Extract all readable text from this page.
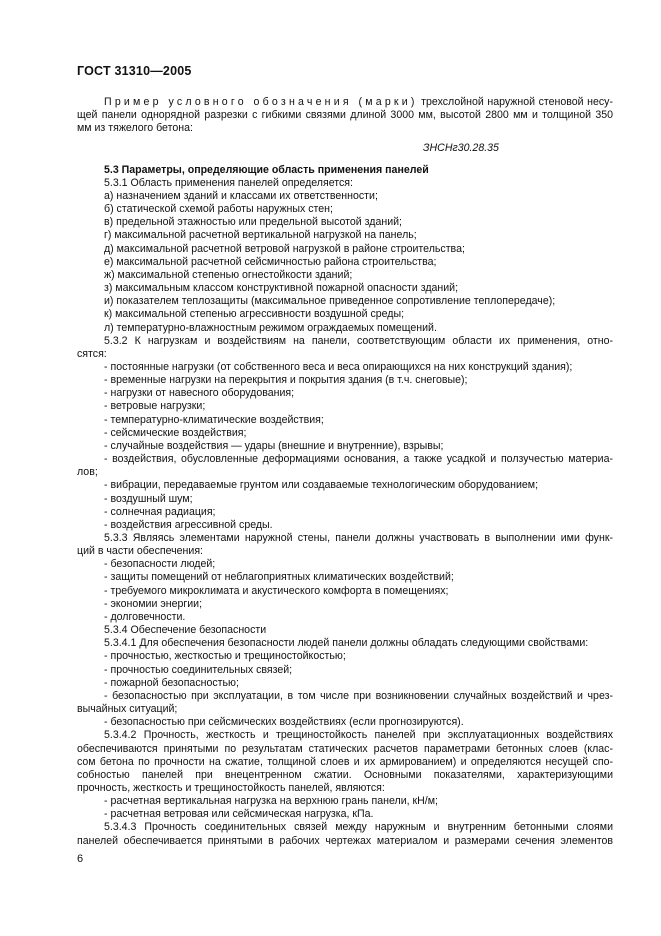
ГОСТ 31310—2005
Пример условного обозначения (марки) трехслойной наружной стеновой несу-
щей панели однорядной разрезки с гибкими связями длиной 3000 мм, высотой 2800 мм и толщиной 350
мм из тяжелого бетона:
ЗНСНг30.28.35
5.3 Параметры, определяющие область применения панелей
5.3.1 Область применения панелей определяется:
а) назначением зданий и классами их ответственности;
б) статической схемой работы наружных стен;
в) предельной этажностью или предельной высотой зданий;
г) максимальной расчетной вертикальной нагрузкой на панель;
д) максимальной расчетной ветровой нагрузкой в районе строительства;
е) максимальной расчетной сейсмичностью района строительства;
ж) максимальной степенью огнестойкости зданий;
з) максимальным классом конструктивной пожарной опасности зданий;
и) показателем теплозащиты (максимальное приведенное сопротивление теплопередаче);
к) максимальной степенью агрессивности воздушной среды;
л) температурно-влажностным режимом ограждаемых помещений.
5.3.2 К нагрузкам и воздействиям на панели, соответствующим области их применения, отно-
сятся:
- постоянные нагрузки (от собственного веса и веса опирающихся на них конструкций здания);
- временные нагрузки на перекрытия и покрытия здания (в т.ч. снеговые);
- нагрузки от навесного оборудования;
- ветровые нагрузки;
- температурно-климатические воздействия;
- сейсмические воздействия;
- случайные воздействия — удары (внешние и внутренние), взрывы;
- воздействия, обусловленные деформациями основания, а также усадкой и ползучестью материа-
лов;
- вибрации, передаваемые грунтом или создаваемые технологическим оборудованием;
- воздушный шум;
- солнечная радиация;
- воздействия агрессивной среды.
5.3.3 Являясь элементами наружной стены, панели должны участвовать в выполнении ими функ-
ций в части обеспечения:
- безопасности людей;
- защиты помещений от неблагоприятных климатических воздействий;
- требуемого микроклимата и акустического комфорта в помещениях;
- экономии энергии;
- долговечности.
5.3.4 Обеспечение безопасности
5.3.4.1 Для обеспечения безопасности людей панели должны обладать следующими свойствами:
- прочностью, жесткостью и трещиностойкостью;
- прочностью соединительных связей;
- пожарной безопасностью;
- безопасностью при эксплуатации, в том числе при возникновении случайных воздействий и чрез-
вычайных ситуаций;
- безопасностью при сейсмических воздействиях (если прогнозируются).
5.3.4.2 Прочность, жесткость и трещиностойкость панелей при эксплуатационных воздействиях
обеспечиваются принятыми по результатам статических расчетов параметрами бетонных слоев (клас-
сом бетона по прочности на сжатие, толщиной слоев и их армированием) и определяются несущей спо-
собностью панелей при внецентренном сжатии. Основными показателями, характеризующими
прочность, жесткость и трещиностойкость панелей, являются:
- расчетная вертикальная нагрузка на верхнюю грань панели, кН/м;
- расчетная ветровая или сейсмическая нагрузка, кПа.
5.3.4.3 Прочность соединительных связей между наружным и внутренним бетонными слоями
панелей обеспечивается принятыми в рабочих чертежах материалом и размерами сечения элементов
6
